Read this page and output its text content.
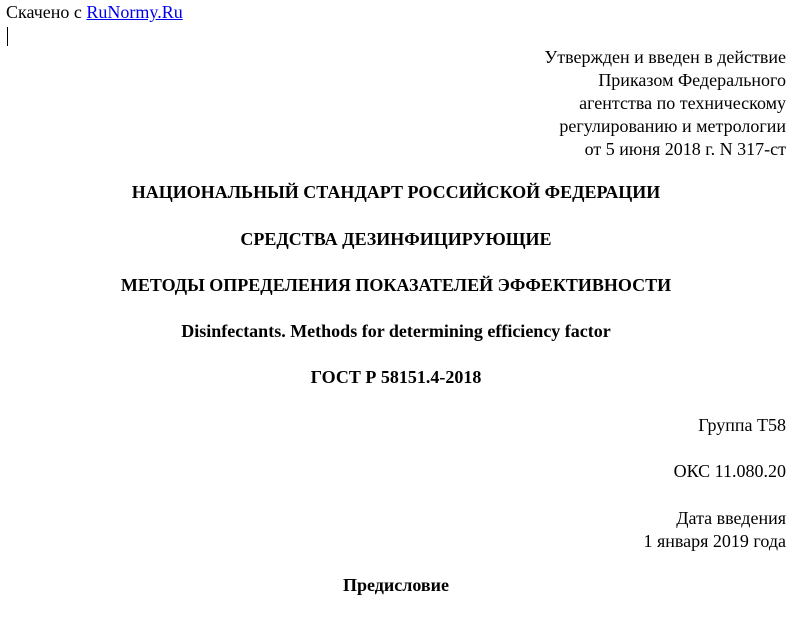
Скачено с RuNormy.Ru
Утвержден и введен в действие
Приказом Федерального
агентства по техническому
регулированию и метрологии
от 5 июня 2018 г. N 317-ст
НАЦИОНАЛЬНЫЙ СТАНДАРТ РОССИЙСКОЙ ФЕДЕРАЦИИ
СРЕДСТВА ДЕЗИНФИЦИРУЮЩИЕ
МЕТОДЫ ОПРЕДЕЛЕНИЯ ПОКАЗАТЕЛЕЙ ЭФФЕКТИВНОСТИ
Disinfectants. Methods for determining efficiency factor
ГОСТ Р 58151.4-2018
Группа Т58
ОКС 11.080.20
Дата введения
1 января 2019 года
Предисловие
